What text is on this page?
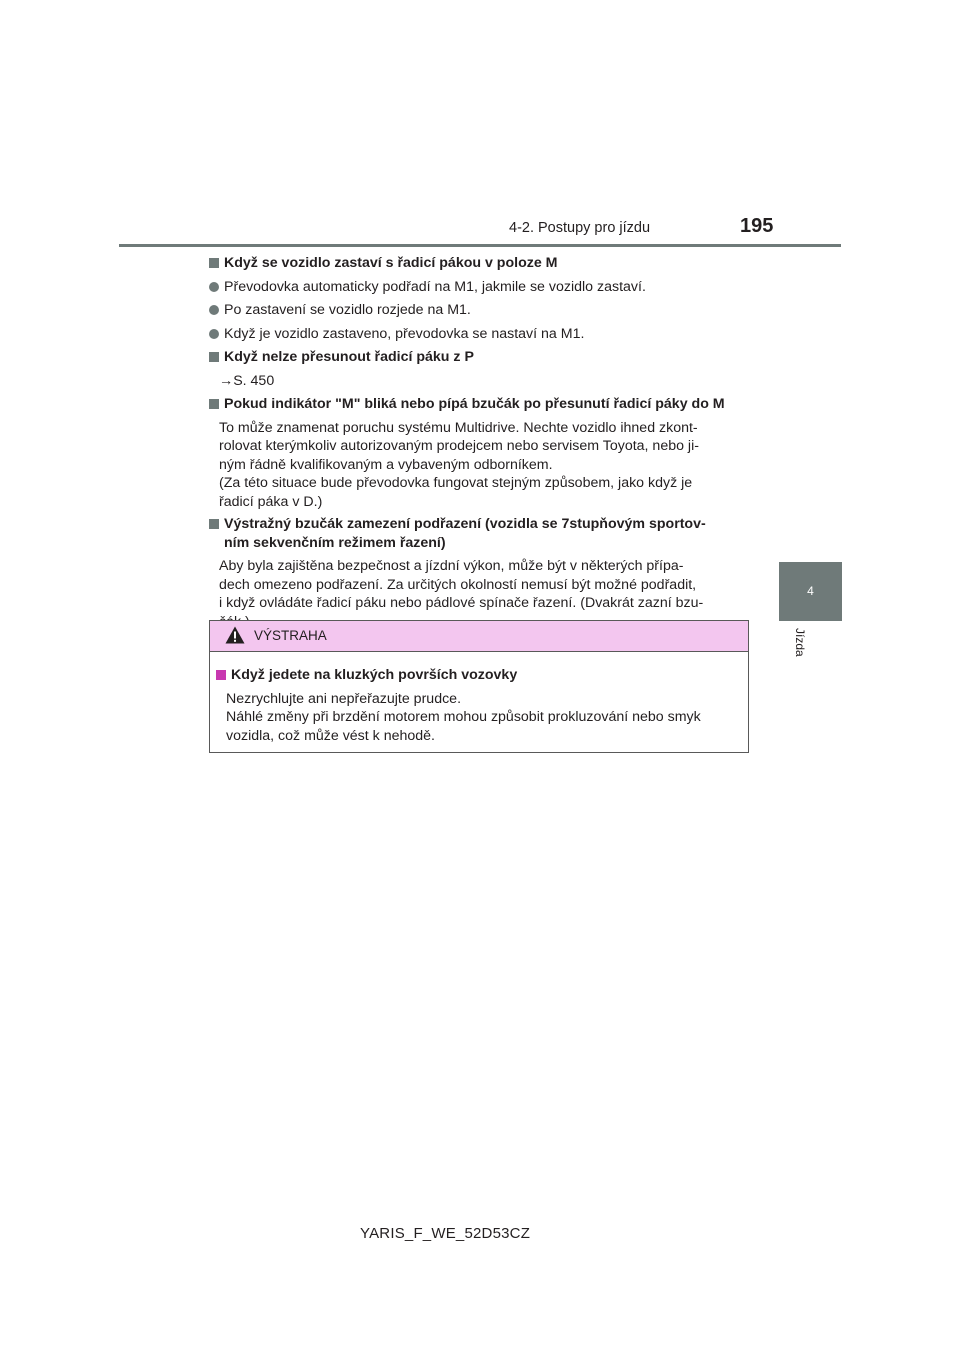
4-2. Postupy pro jízdu	195
4
Jízda
Když se vozidlo zastaví s řadicí pákou v poloze M
Převodovka automaticky podřadí na M1, jakmile se vozidlo zastaví.
Po zastavení se vozidlo rozjede na M1.
Když je vozidlo zastaveno, převodovka se nastaví na M1.
Když nelze přesunout řadicí páku z P
→S. 450
Pokud indikátor "M" bliká nebo pípá bzučák po přesunutí řadicí páky do M
To může znamenat poruchu systému Multidrive. Nechte vozidlo ihned zkont-
rolovat kterýmkoliv autorizovaným prodejcem nebo servisem Toyota, nebo ji-
ným řádně kvalifikovaným a vybaveným odborníkem.
(Za této situace bude převodovka fungovat stejným způsobem, jako když je
řadicí páka v D.)
Výstražný bzučák zamezení podřazení (vozidla se 7stupňovým sportov-
ním sekvenčním režimem řazení)
Aby byla zajištěna bezpečnost a jízdní výkon, může být v některých přípa-
dech omezeno podřazení. Za určitých okolností nemusí být možné podřadit,
i když ovládáte řadicí páku nebo pádlové spínače řazení. (Dvakrát zazní bzu-
VÝSTRAHA
Když jedete na kluzkých površích vozovky
Nezrychlujte ani nepřeřazujte prudce.
Náhlé změny při brzdění motorem mohou způsobit prokluzování nebo smyk
vozidla, což může vést k nehodě.
YARIS_F_WE_52D53CZ
